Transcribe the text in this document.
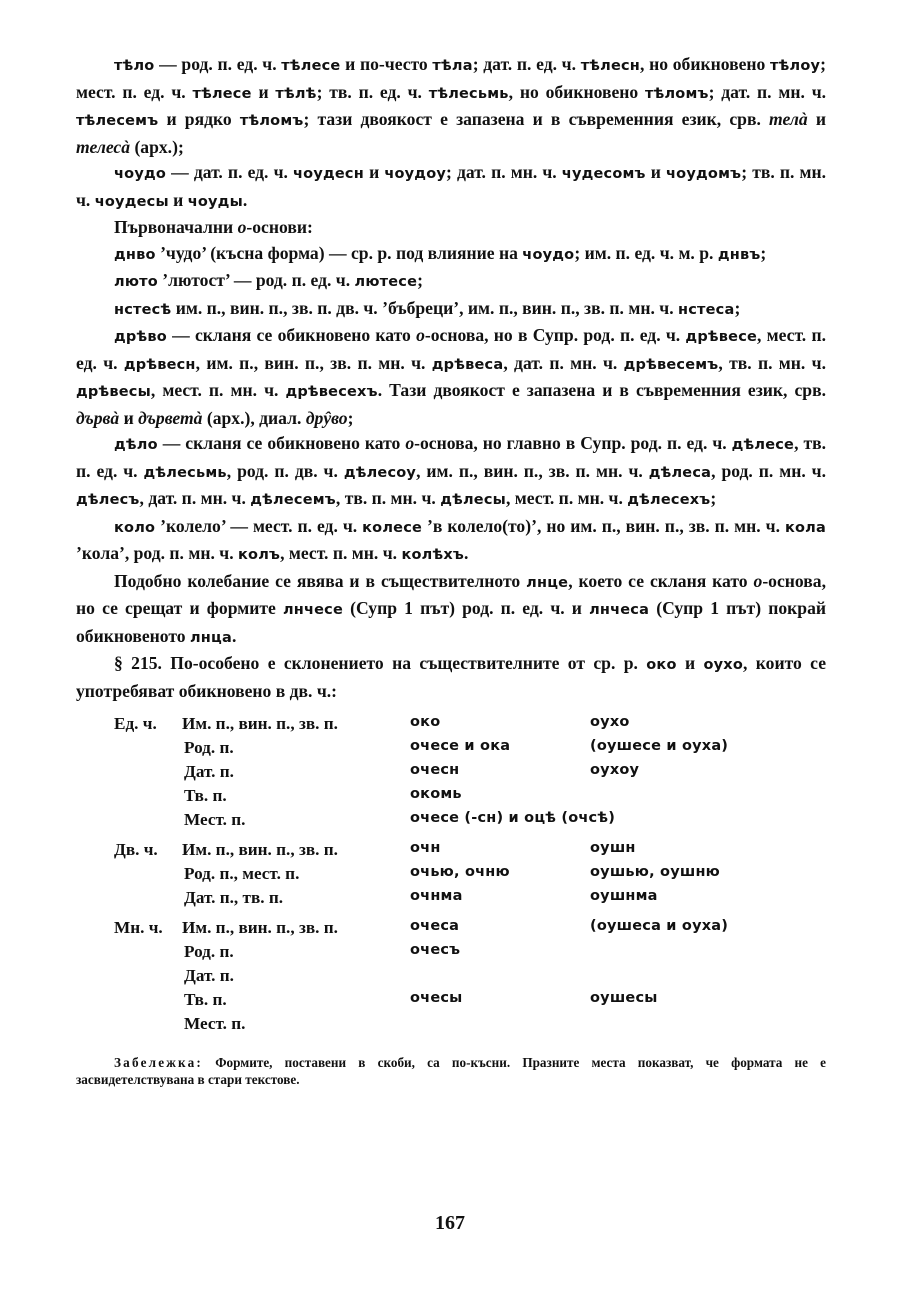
тѣло — род. п. ед. ч. тѣлесе и по-често тѣла; дат. п. ед. ч. тѣлесн, но обикновено тѣлоу; мест. п. ед. ч. тѣлесе и тѣлѣ; тв. п. ед. ч. тѣлесьмь, но обикновено тѣломъ; дат. п. мн. ч. тѣлесемъ и рядко тѣломъ; тази двоякост е запазена и в съвременния език, срв. телà и телесà (арх.);

чоудо — дат. п. ед. ч. чоудесн и чоудоу; дат. п. мн. ч. чудесомъ и чоудомъ; тв. п. мн. ч. чоудесы и чоуды.

Първоначални о-основи:

днво ’чудо’ (късна форма) — ср. р. под влияние на чоудо; им. п. ед. ч. м. р. днвъ;

люто ’лютост’ — род. п. ед. ч. лютесе;

нстесѣ им. п., вин. п., зв. п. дв. ч. ’бъбреци’, им. п., вин. п., зв. п. мн. ч. нстеса;

дрѣво — скланя се обикновено като о-основа, но в Супр. род. п. ед. ч. дрѣвесе, мест. п. ед. ч. дрѣвесн, им. п., вин. п., зв. п. мн. ч. дрѣвеса, дат. п. мн. ч. дрѣвесемъ, тв. п. мн. ч. дрѣвесы, мест. п. мн. ч. дрѣвесехъ. Тази двоякост е запазена и в съвременния език, срв. дървà и дърветà (арх.), диал. дрŷво;

дѣло — скланя се обикновено като о-основа, но главно в Супр. род. п. ед. ч. дѣлесе, тв. п. ед. ч. дѣлесьмь, род. п. дв. ч. дѣлесоу, им. п., вин. п., зв. п. мн. ч. дѣлеса, род. п. мн. ч. дѣлесъ, дат. п. мн. ч. дѣлесемъ, тв. п. мн. ч. дѣлесы, мест. п. мн. ч. дѣлесехъ;

коло ’колело’ — мест. п. ед. ч. колесе ’в колело(то)’, но им. п., вин. п., зв. п. мн. ч. кола ’кола’, род. п. мн. ч. колъ, мест. п. мн. ч. колѣхъ.

Подобно колебание се явява и в съществителното лнце, което се скланя като о-основа, но се срещат и формите лнчесе (Супр 1 път) род. п. ед. ч. и лнчеса (Супр 1 път) покрай обикновеното лнца.

§ 215. По-особено е склонението на съществителните от ср. р. око и оухо, които се употребяват обикновено в дв. ч.:

Ед. ч. Им. п., вин. п., зв. п.	око	оухо
Род. п.	очесе и ока	(оушесе и оуха)
Дат. п.	очесн	оухоу
Тв. п.	окомь
Мест. п.	очесе (-сн) и оцѣ (очсѣ)
Дв. ч. Им. п., вин. п., зв. п.	очн	оушн
Род. п., мест. п.	очью, очню	оушью, оушню
Дат. п., тв. п.	очнма	оушнма
Мн. ч. Им. п., вин. п., зв. п.	очеса	(оушеса и оуха)
Род. п.	очесъ
Дат. п.
Тв. п.	очесы	оушесы
Мест. п.

Забележка: Формите, поставени в скоби, са по-късни. Празните места показват, че формата не е засвидетелствувана в стари текстове.

167
